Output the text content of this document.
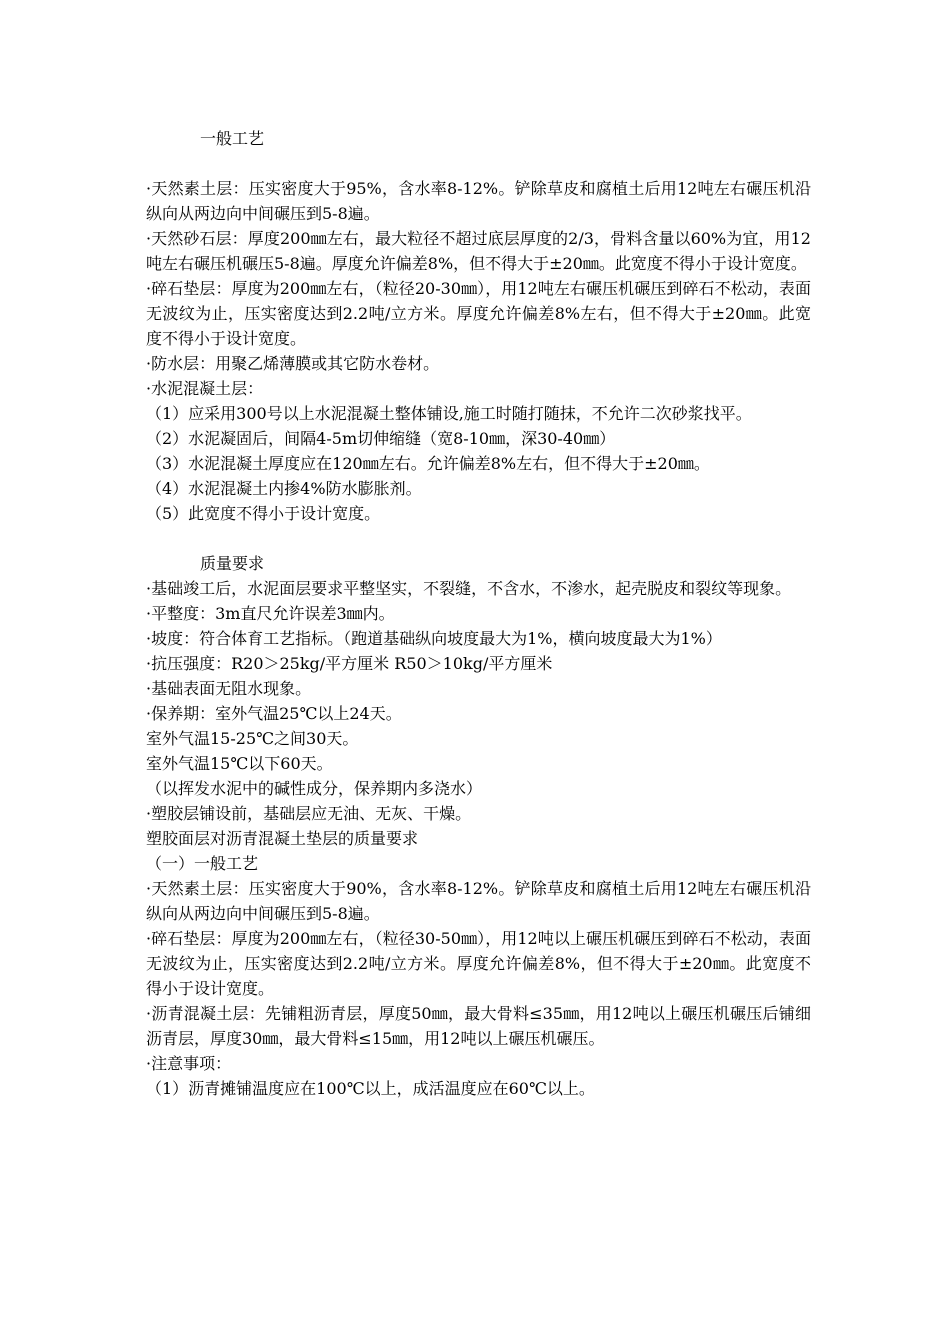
一般工艺

·天然素土层：压实密度大于95%，含水率8-12%。铲除草皮和腐植土后用12吨左右碾压机沿纵向从两边向中间碾压到5-8遍。

·天然砂石层：厚度200㎜左右，最大粒径不超过底层厚度的2/3，骨料含量以60%为宜，用12吨左右碾压机碾压5-8遍。厚度允许偏差8%，但不得大于±20㎜。此宽度不得小于设计宽度。

·碎石垫层：厚度为200㎜左右，（粒径20-30㎜），用12吨左右碾压机碾压到碎石不松动，表面无波纹为止，压实密度达到2.2吨/立方米。厚度允许偏差8%左右，但不得大于±20㎜。此宽度不得小于设计宽度。

·防水层：用聚乙烯薄膜或其它防水卷材。

·水泥混凝土层：

（1）应采用300号以上水泥混凝土整体铺设,施工时随打随抹，不允许二次砂浆找平。

（2）水泥凝固后，间隔4-5m切伸缩缝（宽8-10㎜，深30-40㎜）

（3）水泥混凝土厚度应在120㎜左右。允许偏差8%左右，但不得大于±20㎜。

（4）水泥混凝土内掺4%防水膨胀剂。

（5）此宽度不得小于设计宽度。

质量要求

·基础竣工后，水泥面层要求平整坚实，不裂缝，不含水，不渗水，起壳脱皮和裂纹等现象。

·平整度：3m直尺允许误差3㎜内。

·坡度：符合体育工艺指标。（跑道基础纵向坡度最大为1%，横向坡度最大为1%）

·抗压强度：R20＞25kg/平方厘米 R50＞10kg/平方厘米

·基础表面无阻水现象。

·保养期：室外气温25℃以上24天。

室外气温15-25℃之间30天。

室外气温15℃以下60天。

（以挥发水泥中的碱性成分，保养期内多浇水）

·塑胶层铺设前，基础层应无油、无灰、干燥。

塑胶面层对沥青混凝土垫层的质量要求

（一）一般工艺

·天然素土层：压实密度大于90%，含水率8-12%。铲除草皮和腐植土后用12吨左右碾压机沿纵向从两边向中间碾压到5-8遍。

·碎石垫层：厚度为200㎜左右，（粒径30-50㎜），用12吨以上碾压机碾压到碎石不松动，表面无波纹为止，压实密度达到2.2吨/立方米。厚度允许偏差8%，但不得大于±20㎜。此宽度不得小于设计宽度。

·沥青混凝土层：先铺粗沥青层，厚度50㎜，最大骨料≤35㎜，用12吨以上碾压机碾压后铺细沥青层，厚度30㎜，最大骨料≤15㎜，用12吨以上碾压机碾压。

·注意事项：

（1）沥青摊铺温度应在100℃以上，成活温度应在60℃以上。
